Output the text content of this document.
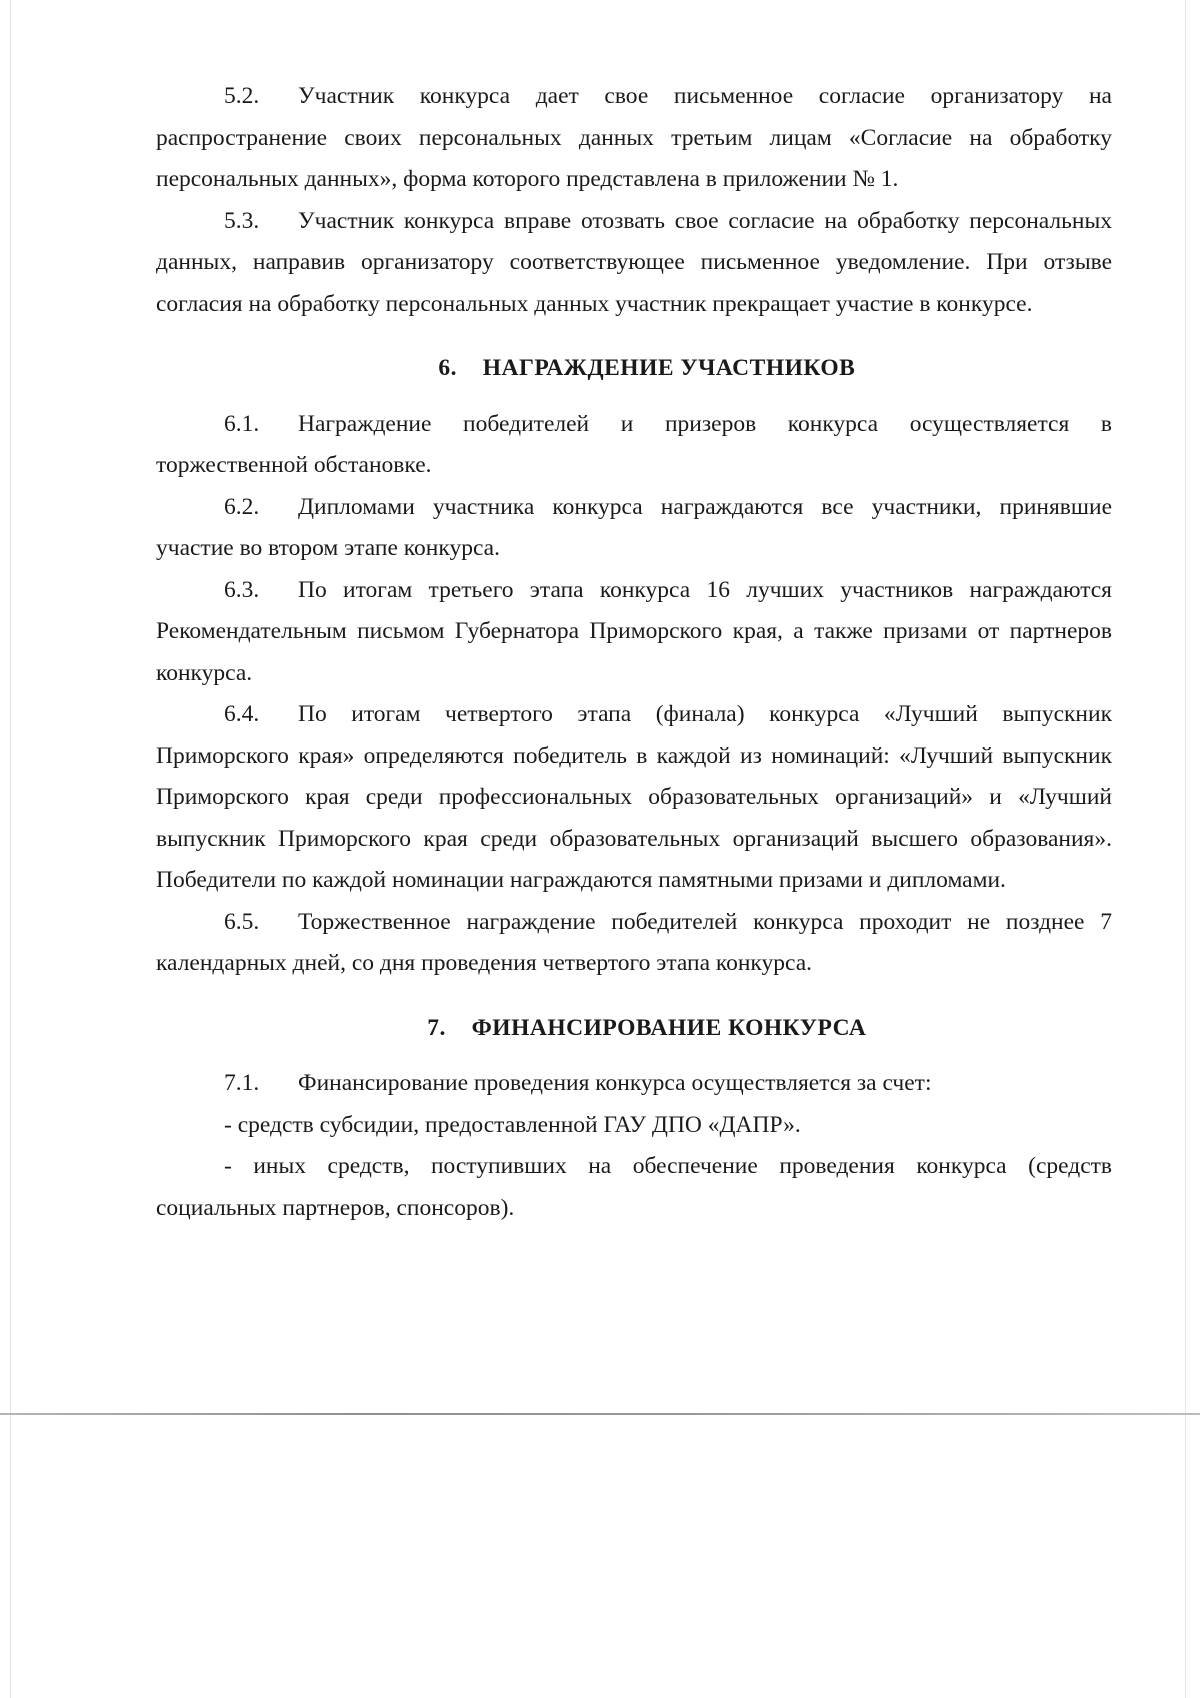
5.2. Участник конкурса дает свое письменное согласие организатору на распространение своих персональных данных третьим лицам «Согласие на обработку персональных данных», форма которого представлена в приложении № 1.

5.3. Участник конкурса вправе отозвать свое согласие на обработку персональных данных, направив организатору соответствующее письменное уведомление. При отзыве согласия на обработку персональных данных участник прекращает участие в конкурсе.

6. НАГРАЖДЕНИЕ УЧАСТНИКОВ

6.1. Награждение победителей и призеров конкурса осуществляется в торжественной обстановке.

6.2. Дипломами участника конкурса награждаются все участники, принявшие участие во втором этапе конкурса.

6.3. По итогам третьего этапа конкурса 16 лучших участников награждаются Рекомендательным письмом Губернатора Приморского края, а также призами от партнеров конкурса.

6.4. По итогам четвертого этапа (финала) конкурса «Лучший выпускник Приморского края» определяются победитель в каждой из номинаций: «Лучший выпускник Приморского края среди профессиональных образовательных организаций» и «Лучший выпускник Приморского края среди образовательных организаций высшего образования». Победители по каждой номинации награждаются памятными призами и дипломами.

6.5. Торжественное награждение победителей конкурса проходит не позднее 7 календарных дней, со дня проведения четвертого этапа конкурса.

7. ФИНАНСИРОВАНИЕ КОНКУРСА

7.1. Финансирование проведения конкурса осуществляется за счет:

- средств субсидии, предоставленной ГАУ ДПО «ДАПР».

- иных средств, поступивших на обеспечение проведения конкурса (средств социальных партнеров, спонсоров).
